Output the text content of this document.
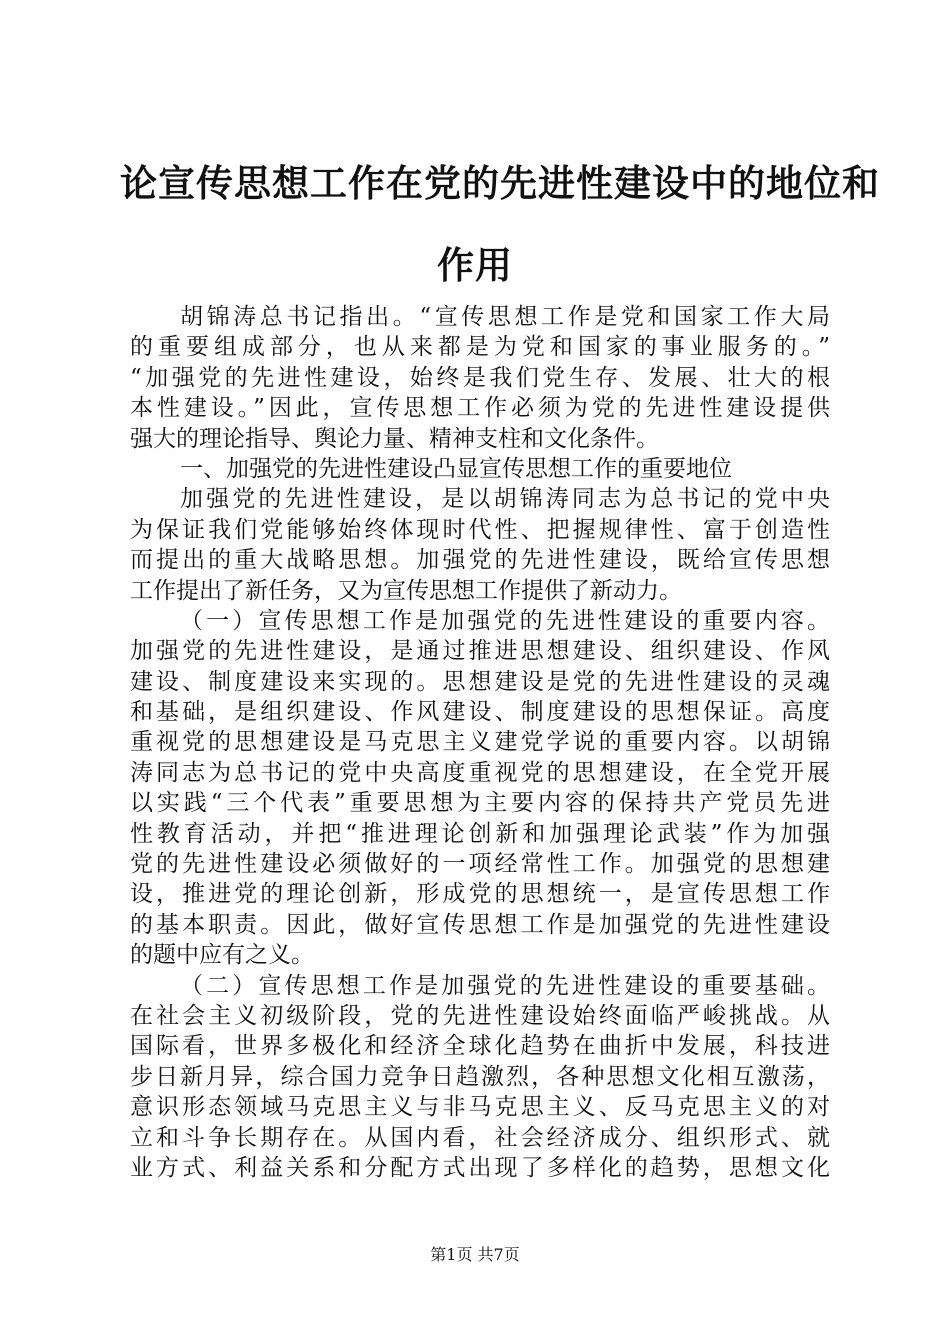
论宣传思想工作在党的先进性建设中的地位和
作用
胡锦涛总书记指出。“宣传思想工作是党和国家工作大局
的重要组成部分，也从来都是为党和国家的事业服务的。”
“加强党的先进性建设，始终是我们党生存、发展、壮大的根
本性建设。”因此，宣传思想工作必须为党的先进性建设提供
强大的理论指导、舆论力量、精神支柱和文化条件。
一、加强党的先进性建设凸显宣传思想工作的重要地位
加强党的先进性建设，是以胡锦涛同志为总书记的党中央
为保证我们党能够始终体现时代性、把握规律性、富于创造性
而提出的重大战略思想。加强党的先进性建设，既给宣传思想
工作提出了新任务，又为宣传思想工作提供了新动力。
（一）宣传思想工作是加强党的先进性建设的重要内容。
加强党的先进性建设，是通过推进思想建设、组织建设、作风
建设、制度建设来实现的。思想建设是党的先进性建设的灵魂
和基础，是组织建设、作风建设、制度建设的思想保证。高度
重视党的思想建设是马克思主义建党学说的重要内容。以胡锦
涛同志为总书记的党中央高度重视党的思想建设，在全党开展
以实践“三个代表”重要思想为主要内容的保持共产党员先进
性教育活动，并把“推进理论创新和加强理论武装”作为加强
党的先进性建设必须做好的一项经常性工作。加强党的思想建
设，推进党的理论创新，形成党的思想统一，是宣传思想工作
的基本职责。因此，做好宣传思想工作是加强党的先进性建设
的题中应有之义。
（二）宣传思想工作是加强党的先进性建设的重要基础。
在社会主义初级阶段，党的先进性建设始终面临严峻挑战。从
国际看，世界多极化和经济全球化趋势在曲折中发展，科技进
步日新月异，综合国力竞争日趋激烈，各种思想文化相互激荡，
意识形态领域马克思主义与非马克思主义、反马克思主义的对
立和斗争长期存在。从国内看，社会经济成分、组织形式、就
业方式、利益关系和分配方式出现了多样化的趋势，思想文化
第1页 共7页
